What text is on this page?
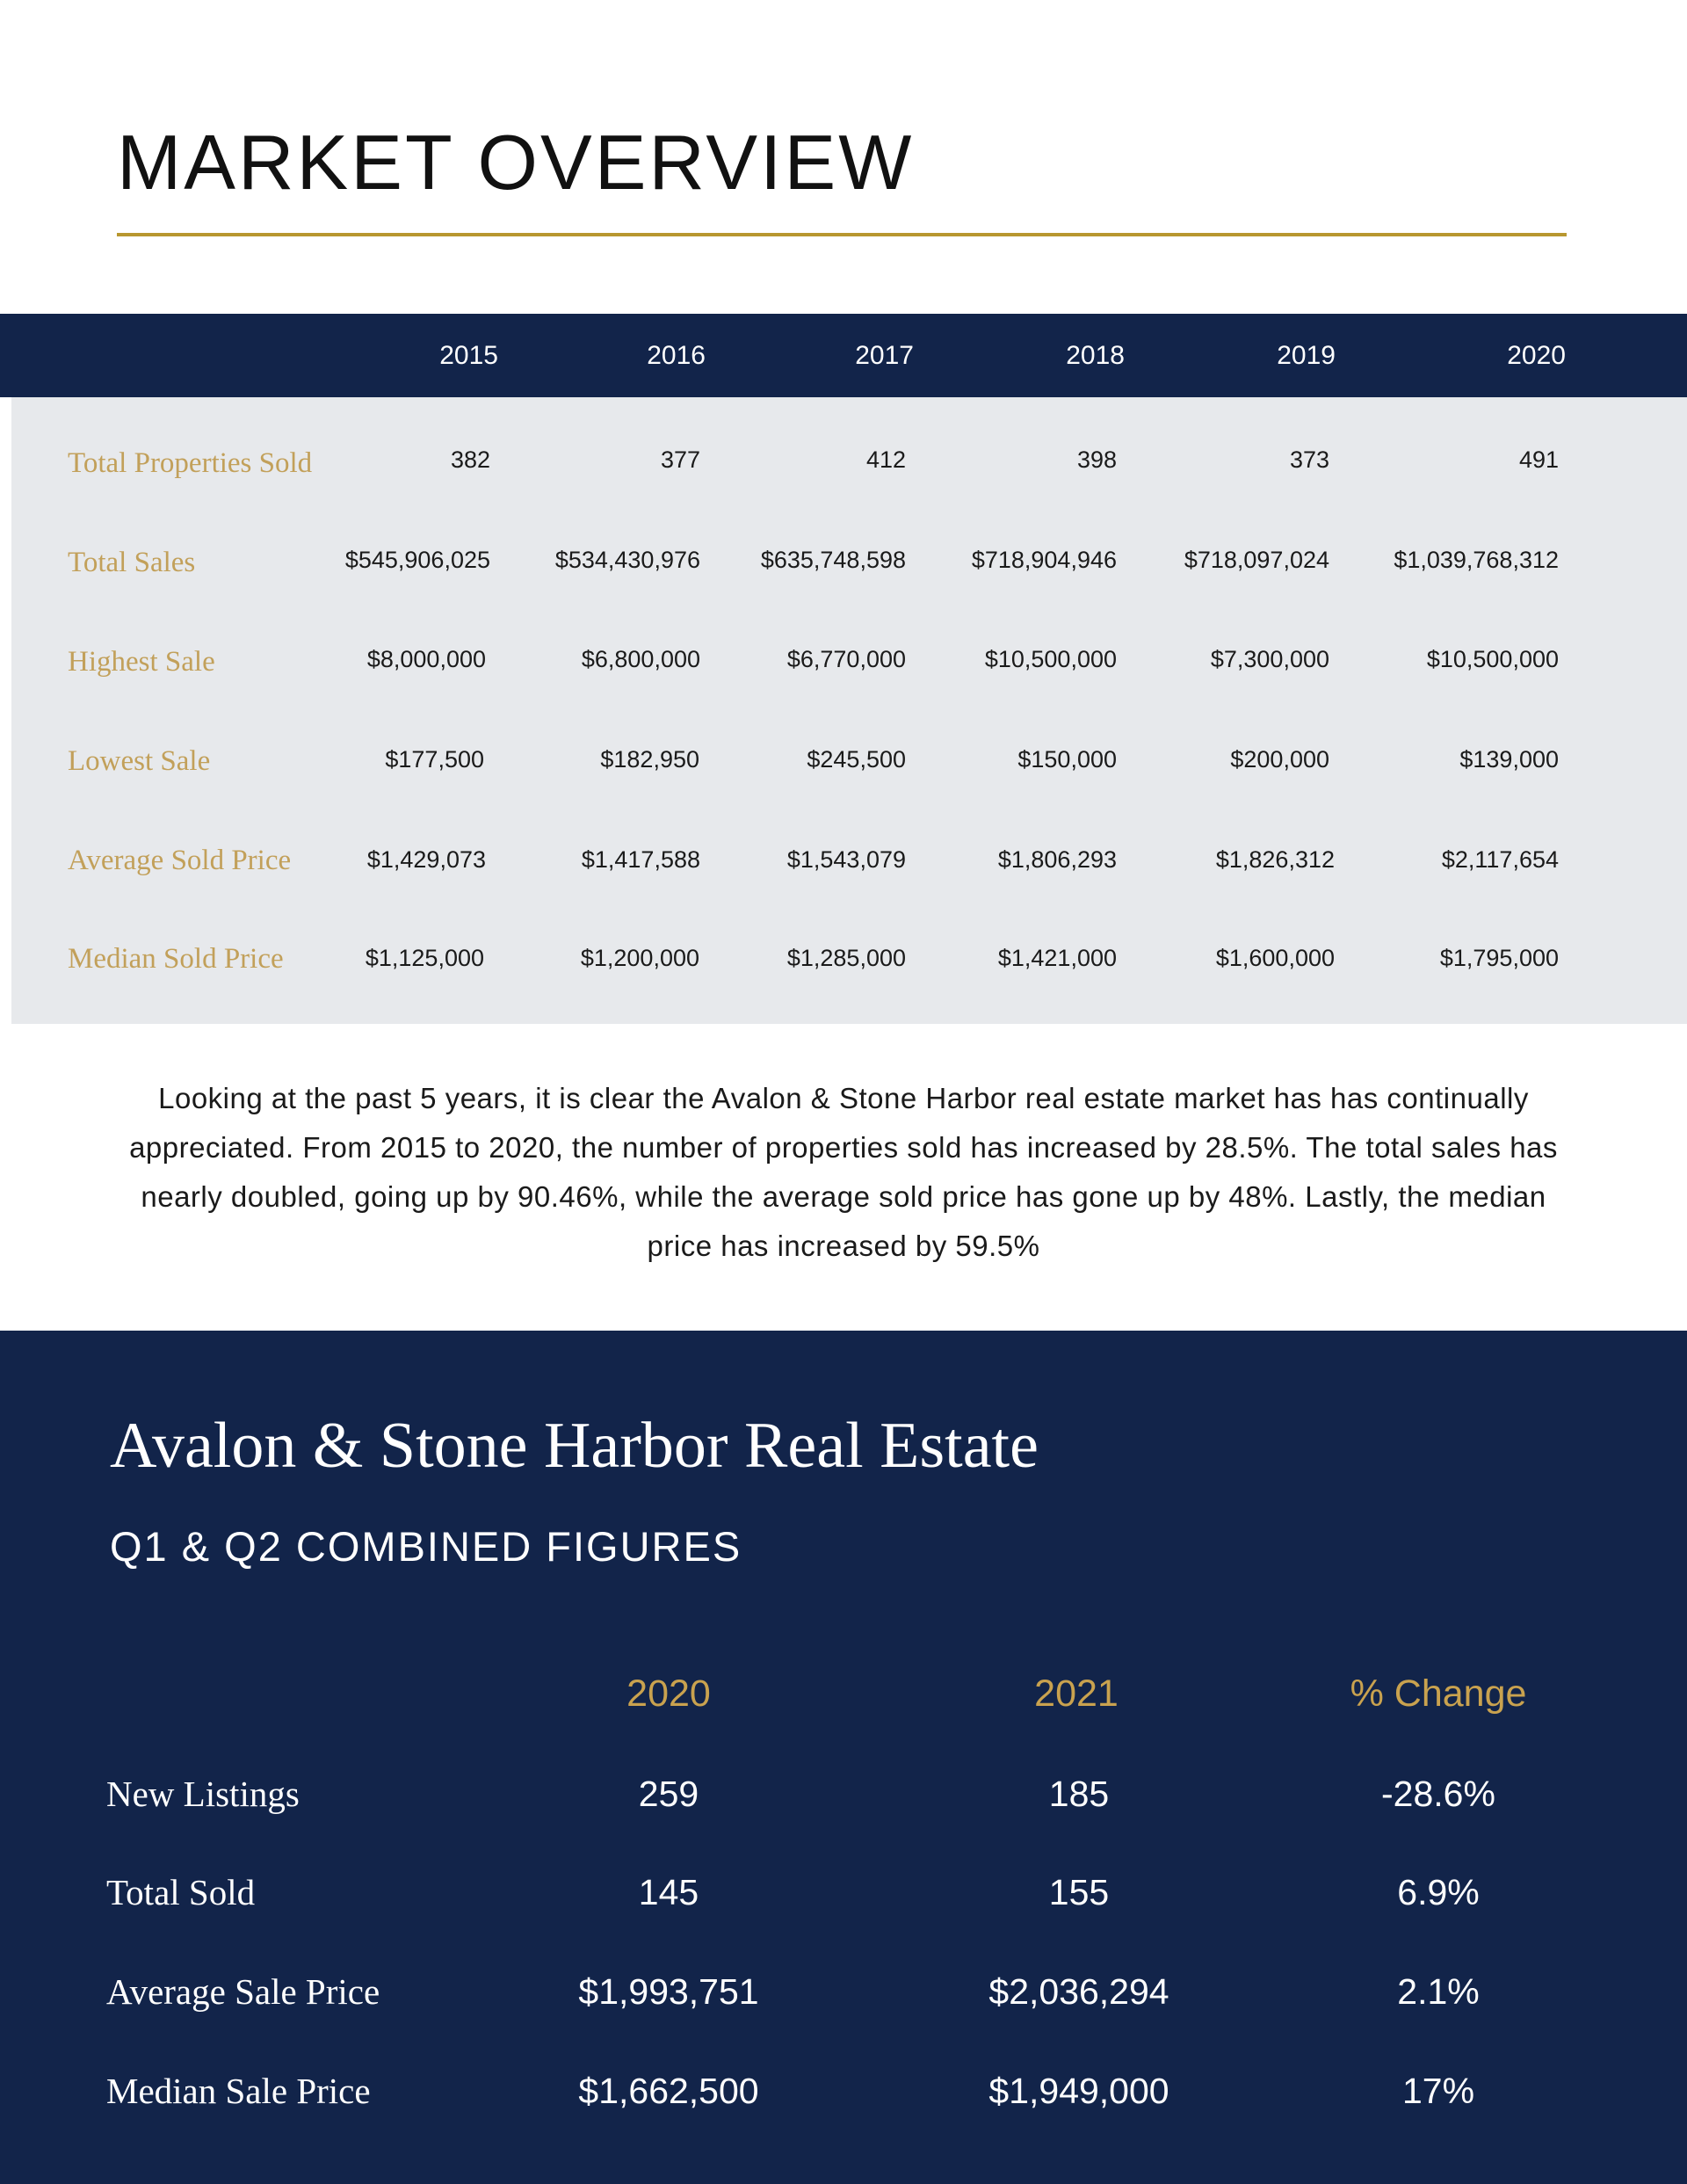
MARKET OVERVIEW
2015	2016	2017	2018	2019	2020
Total Properties Sold	382	377	412	398	373	491
Total Sales	$545,906,025	$534,430,976	$635,748,598	$718,904,946	$718,097,024	$1,039,768,312
Highest Sale	$8,000,000	$6,800,000	$6,770,000	$10,500,000	$7,300,000	$10,500,000
Lowest Sale	$177,500	$182,950	$245,500	$150,000	$200,000	$139,000
Average Sold Price	$1,429,073	$1,417,588	$1,543,079	$1,806,293	$1,826,312	$2,117,654
Median Sold Price	$1,125,000	$1,200,000	$1,285,000	$1,421,000	$1,600,000	$1,795,000

Looking at the past 5 years, it is clear the Avalon & Stone Harbor real estate market has has continually appreciated. From 2015 to 2020, the number of properties sold has increased by 28.5%. The total sales has nearly doubled, going up by 90.46%, while the average sold price has gone up by 48%. Lastly, the median price has increased by 59.5%

Avalon & Stone Harbor Real Estate
Q1 & Q2 COMBINED FIGURES
2020	2021	% Change
New Listings	259	185	-28.6%
Total Sold	145	155	6.9%
Average Sale Price	$1,993,751	$2,036,294	2.1%
Median Sale Price	$1,662,500	$1,949,000	17%
